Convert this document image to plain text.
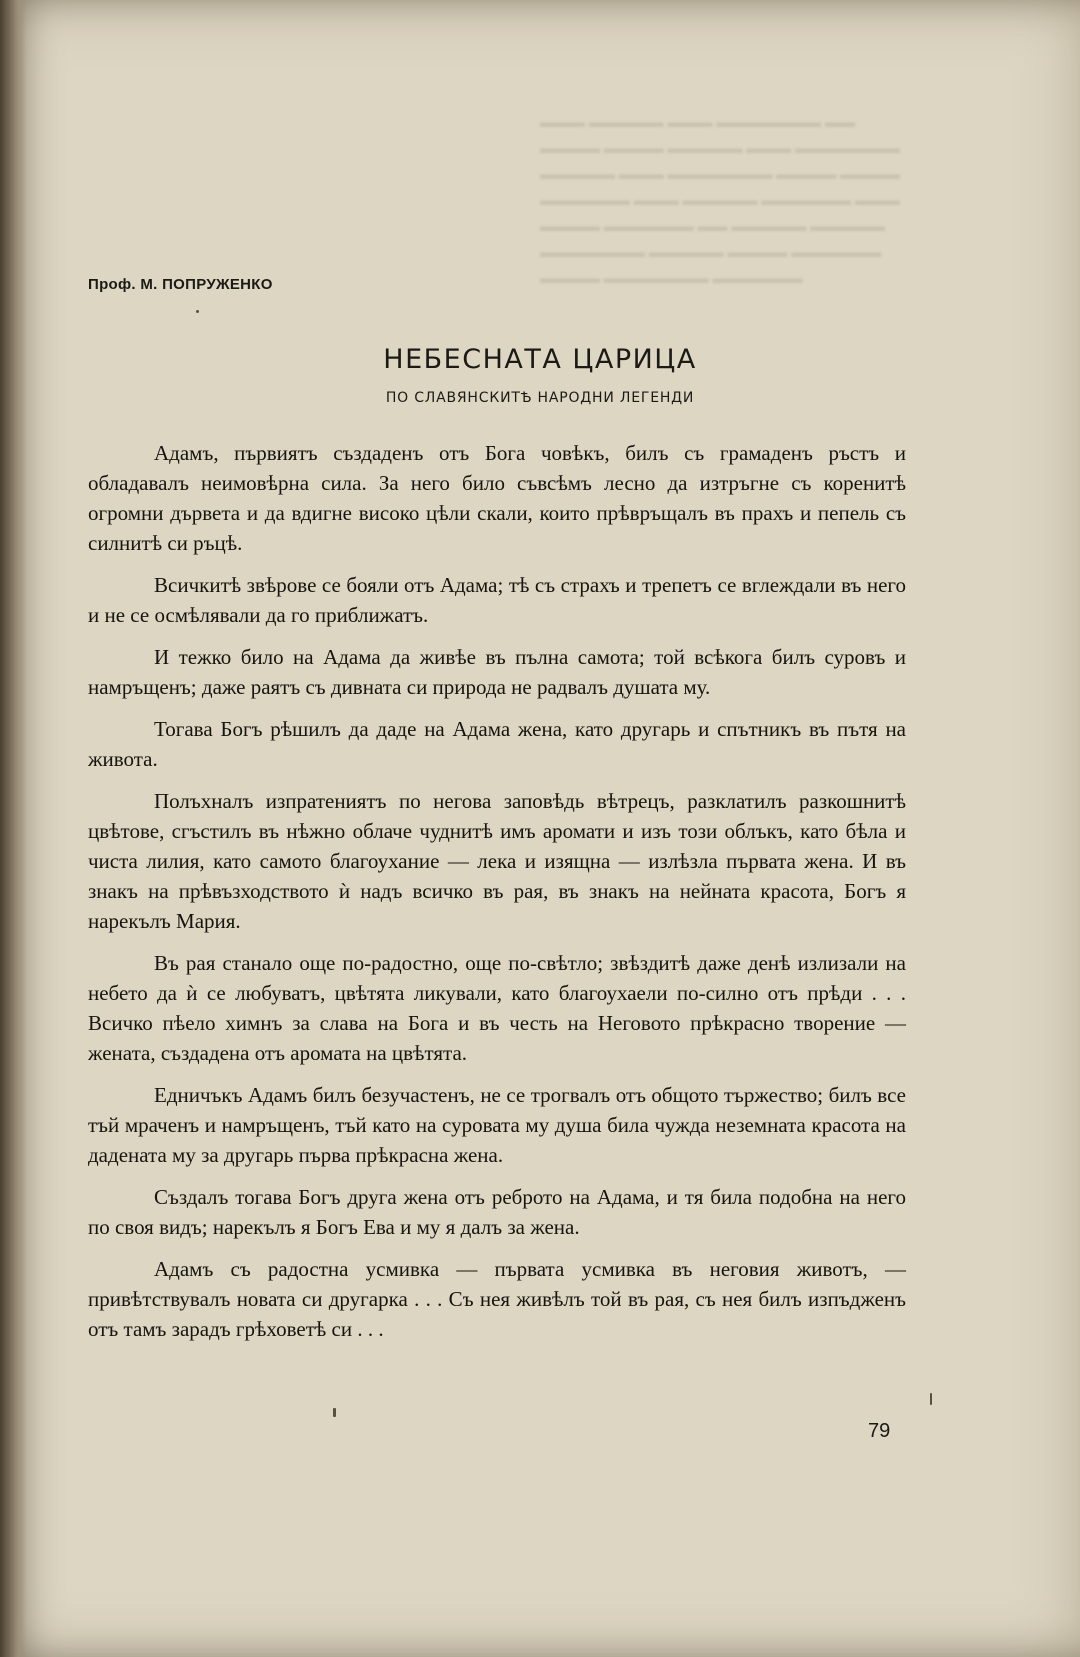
▬▬▬ ▬▬▬▬▬ ▬▬▬ ▬▬▬▬▬▬▬ ▬▬
▬▬▬▬ ▬▬▬▬ ▬▬▬▬▬ ▬▬▬ ▬▬▬▬▬▬▬
▬▬▬▬▬ ▬▬▬ ▬▬▬▬▬▬▬ ▬▬▬▬ ▬▬▬▬
▬▬▬▬▬▬ ▬▬▬ ▬▬▬▬▬ ▬▬▬▬▬▬ ▬▬▬
▬▬▬▬ ▬▬▬▬▬▬ ▬▬ ▬▬▬▬▬ ▬▬▬▬▬
▬▬▬▬▬▬▬ ▬▬▬▬▬ ▬▬▬▬ ▬▬▬▬▬▬
▬▬▬▬ ▬▬▬▬▬▬▬ ▬▬▬▬▬▬
Проф. М. ПОПРУЖЕНКО
НЕБЕСНАТА ЦАРИЦА
ПО СЛАВЯНСКИТѢ НАРОДНИ ЛЕГЕНДИ

Адамъ, първиятъ създаденъ отъ Бога човѣкъ, билъ съ грамаденъ ръстъ и обладавалъ неимовѣрна сила. За него било съвсѣмъ лесно да изтръгне съ коренитѣ огромни дървета и да вдигне високо цѣли скали, които прѣвръщалъ въ прахъ и пепель съ силнитѣ си ръцѣ.

Всичкитѣ звѣрове се бояли отъ Адама; тѣ съ страхъ и трепетъ се вглеждали въ него и не се осмѣлявали да го приближатъ.

И тежко било на Адама да живѣе въ пълна самота; той всѣкога билъ суровъ и намръщенъ; даже раятъ съ дивната си природа не радвалъ душата му.

Тогава Богъ рѣшилъ да даде на Адама жена, като другарь и спътникъ въ пътя на живота.

Полъхналъ изпратениятъ по негова заповѣдь вѣтрецъ, разклатилъ разкошнитѣ цвѣтове, сгъстилъ въ нѣжно облаче чуднитѣ имъ аромати и изъ този облъкъ, като бѣла и чиста лилия, като самото благоухание — лека и изящна — излѣзла първата жена. И въ знакъ на прѣвъзходството ѝ надъ всичко въ рая, въ знакъ на нейната красота, Богъ я нарекълъ Мария.

Въ рая станало още по-радостно, още по-свѣтло; звѣздитѣ даже денѣ излизали на небето да ѝ се любуватъ, цвѣтята ликували, като благоухаели по-силно отъ прѣди . . . Всичко пѣело химнъ за слава на Бога и въ честь на Неговото прѣкрасно творение — жената, създадена отъ аромата на цвѣтята.

Едничъкъ Адамъ билъ безучастенъ, не се трогвалъ отъ общото тържество; билъ все тъй мраченъ и намръщенъ, тъй като на суровата му душа била чужда неземната красота на дадената му за другарь първа прѣкрасна жена.

Създалъ тогава Богъ друга жена отъ реброто на Адама, и тя била подобна на него по своя видъ; нарекълъ я Богъ Ева и му я далъ за жена.

Адамъ съ радостна усмивка — първата усмивка въ неговия животъ, — привѣтствувалъ новата си другарка . . . Съ нея живѣлъ той въ рая, съ нея билъ изпъдженъ отъ тамъ зарадъ грѣховетѣ си . . .

79
